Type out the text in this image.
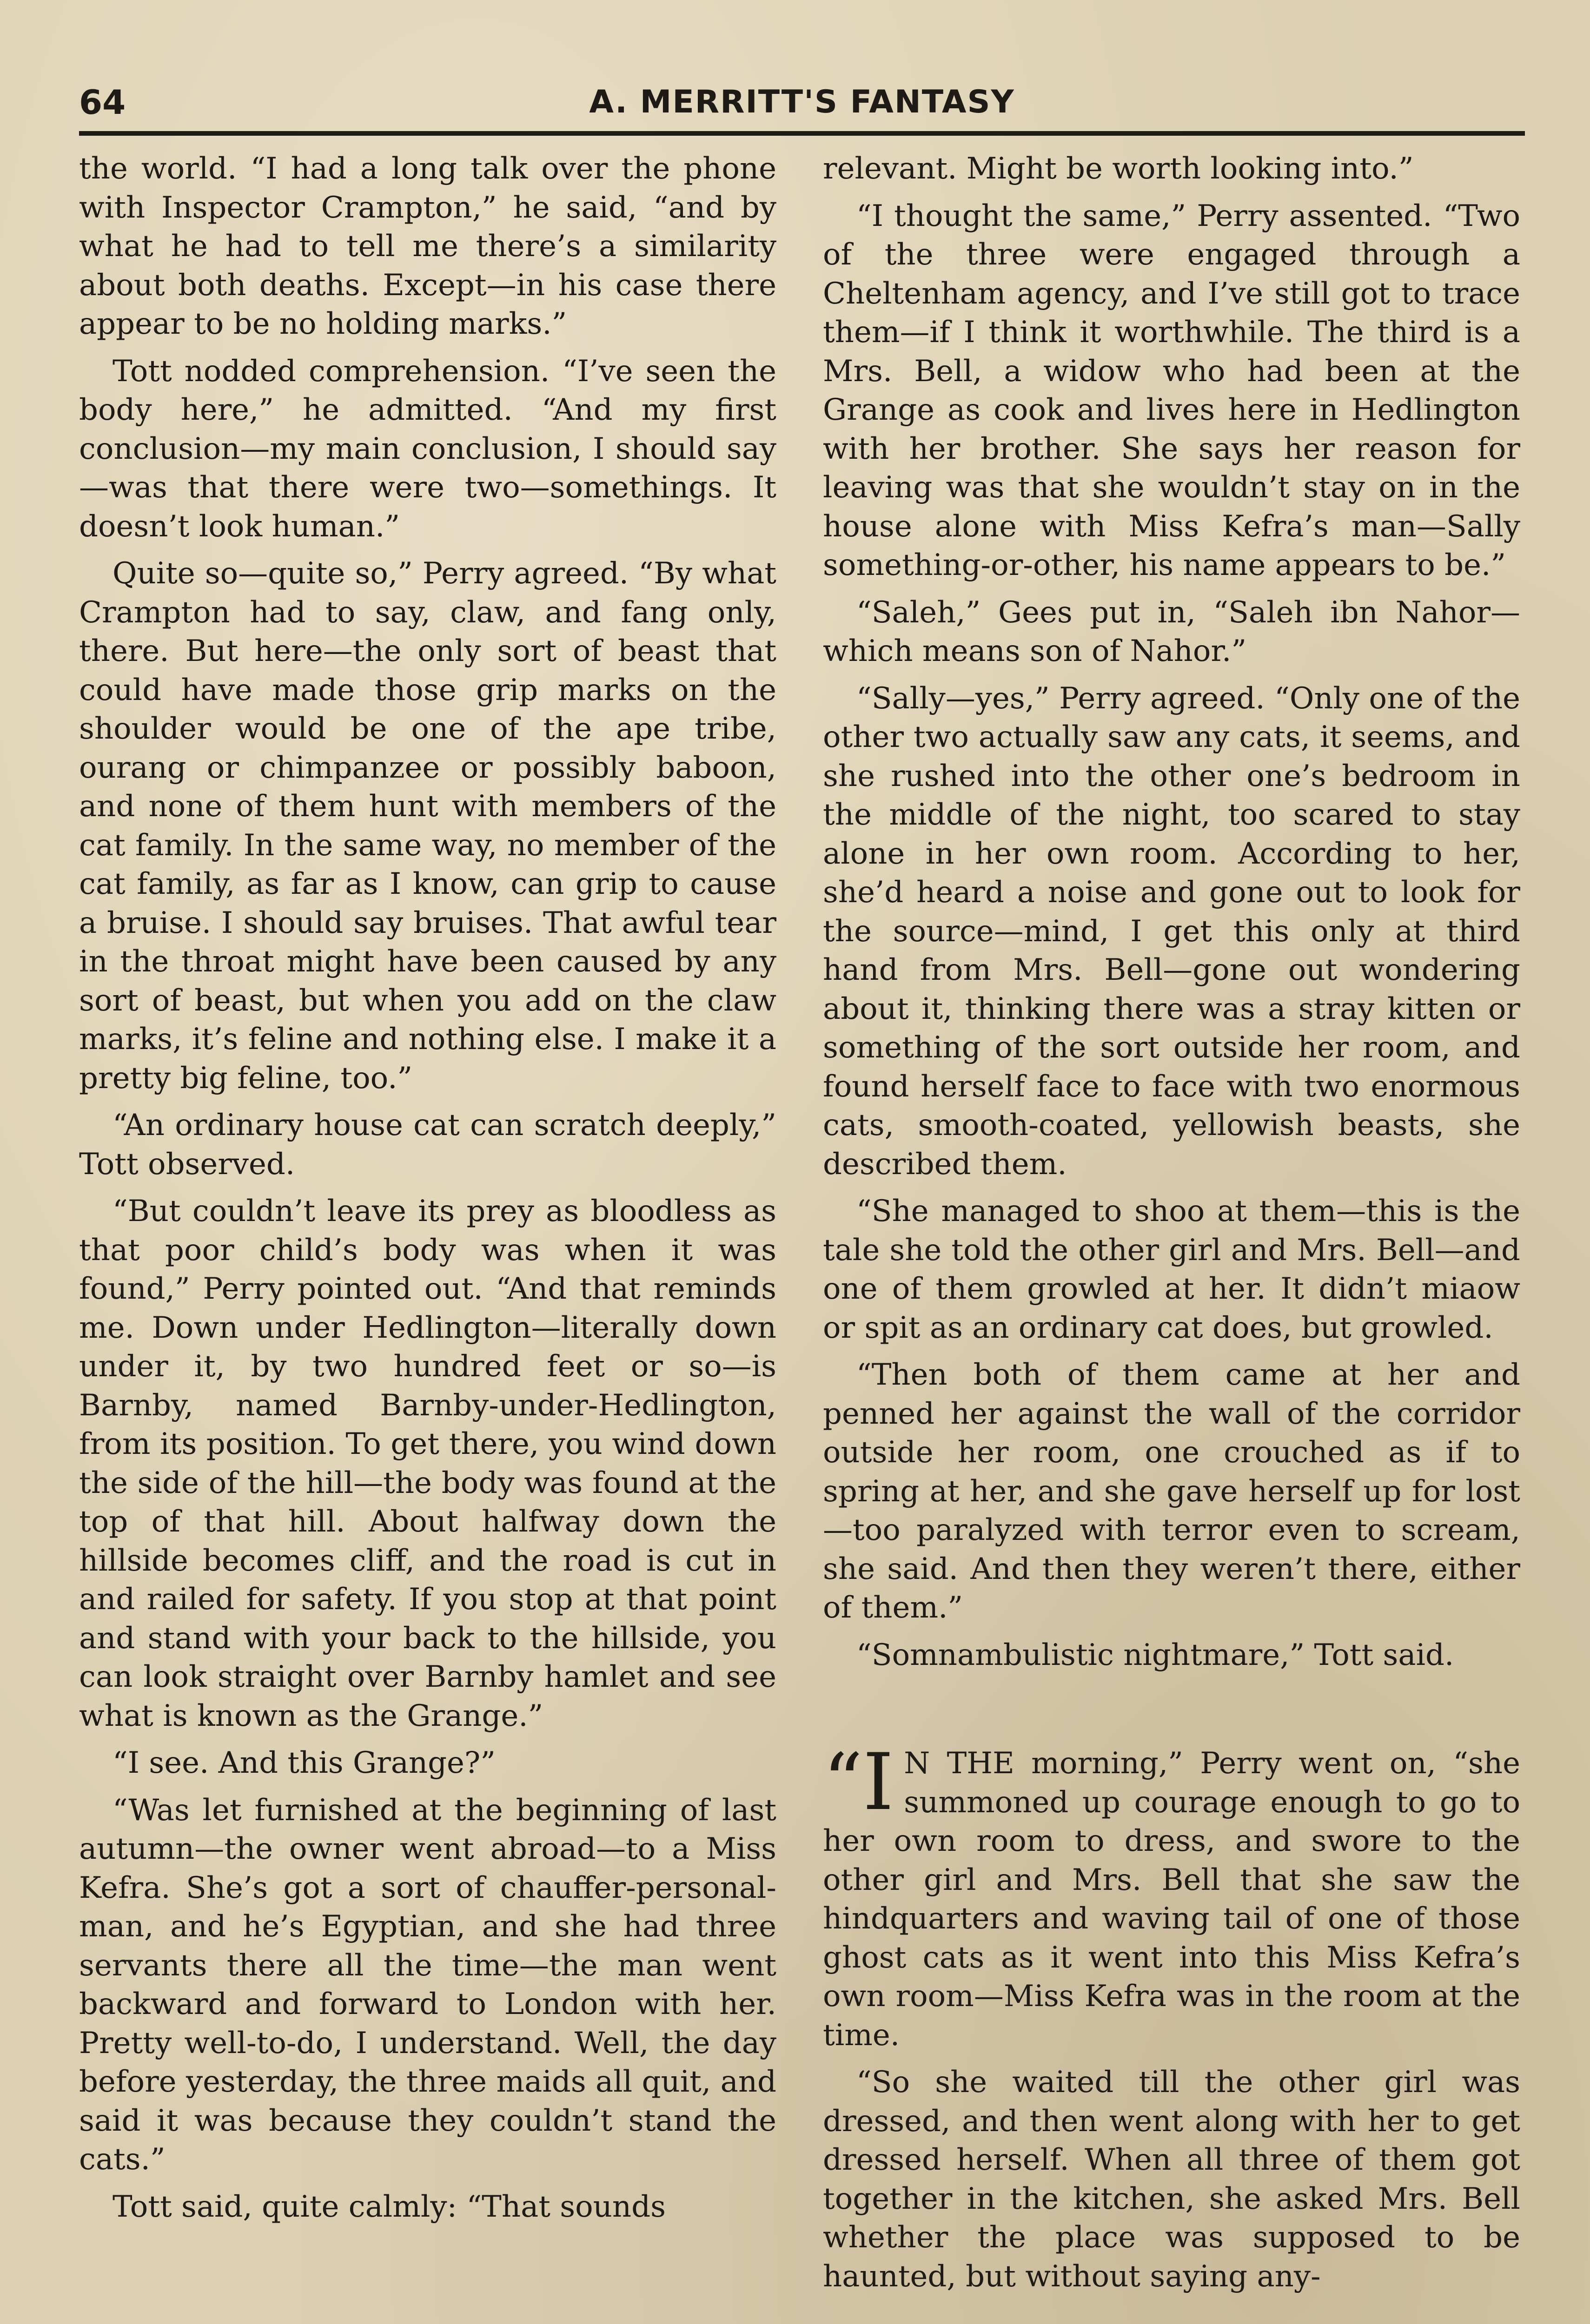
64	A. MERRITT'S FANTASY

the world. “I had a long talk over the phone with Inspector Crampton,” he said, “and by what he had to tell me there’s a similarity about both deaths. Except—in his case there appear to be no holding marks.”

Tott nodded comprehension. “I’ve seen the body here,” he admitted. “And my first conclusion—my main conclusion, I should say—was that there were two—somethings. It doesn’t look human.”

Quite so—quite so,” Perry agreed. “By what Crampton had to say, claw, and fang only, there. But here—the only sort of beast that could have made those grip marks on the shoulder would be one of the ape tribe, ourang or chimpanzee or possibly baboon, and none of them hunt with members of the cat family. In the same way, no member of the cat family, as far as I know, can grip to cause a bruise. I should say bruises. That awful tear in the throat might have been caused by any sort of beast, but when you add on the claw marks, it’s feline and nothing else. I make it a pretty big feline, too.”

“An ordinary house cat can scratch deeply,” Tott observed.

“But couldn’t leave its prey as bloodless as that poor child’s body was when it was found,” Perry pointed out. “And that reminds me. Down under Hedlington—literally down under it, by two hundred feet or so—is Barnby, named Barnby-under-Hedlington, from its position. To get there, you wind down the side of the hill—the body was found at the top of that hill. About halfway down the hillside becomes cliff, and the road is cut in and railed for safety. If you stop at that point and stand with your back to the hillside, you can look straight over Barnby hamlet and see what is known as the Grange.”

“I see. And this Grange?”

“Was let furnished at the beginning of last autumn—the owner went abroad—to a Miss Kefra. She’s got a sort of chauffer-personal-man, and he’s Egyptian, and she had three servants there all the time—the man went backward and forward to London with her. Pretty well-to-do, I understand. Well, the day before yesterday, the three maids all quit, and said it was because they couldn’t stand the cats.”

Tott said, quite calmly: “That sounds

relevant. Might be worth looking into.”

“I thought the same,” Perry assented. “Two of the three were engaged through a Cheltenham agency, and I’ve still got to trace them—if I think it worthwhile. The third is a Mrs. Bell, a widow who had been at the Grange as cook and lives here in Hedlington with her brother. She says her reason for leaving was that she wouldn’t stay on in the house alone with Miss Kefra’s man—Sally something-or-other, his name appears to be.”

“Saleh,” Gees put in, “Saleh ibn Nahor—which means son of Nahor.”

“Sally—yes,” Perry agreed. “Only one of the other two actually saw any cats, it seems, and she rushed into the other one’s bedroom in the middle of the night, too scared to stay alone in her own room. According to her, she’d heard a noise and gone out to look for the source—mind, I get this only at third hand from Mrs. Bell—gone out wondering about it, thinking there was a stray kitten or something of the sort outside her room, and found herself face to face with two enormous cats, smooth-coated, yellowish beasts, she described them.

“She managed to shoo at them—this is the tale she told the other girl and Mrs. Bell—and one of them growled at her. It didn’t miaow or spit as an ordinary cat does, but growled.

“Then both of them came at her and penned her against the wall of the corridor outside her room, one crouched as if to spring at her, and she gave herself up for lost—too paralyzed with terror even to scream, she said. And then they weren’t there, either of them.”

“Somnambulistic nightmare,” Tott said.

“I N THE morning,” Perry went on, “she summoned up courage enough to go to her own room to dress, and swore to the other girl and Mrs. Bell that she saw the hindquarters and waving tail of one of those ghost cats as it went into this Miss Kefra’s own room—Miss Kefra was in the room at the time.

“So she waited till the other girl was dressed, and then went along with her to get dressed herself. When all three of them got together in the kitchen, she asked Mrs. Bell whether the place was supposed to be haunted, but without saying any-
